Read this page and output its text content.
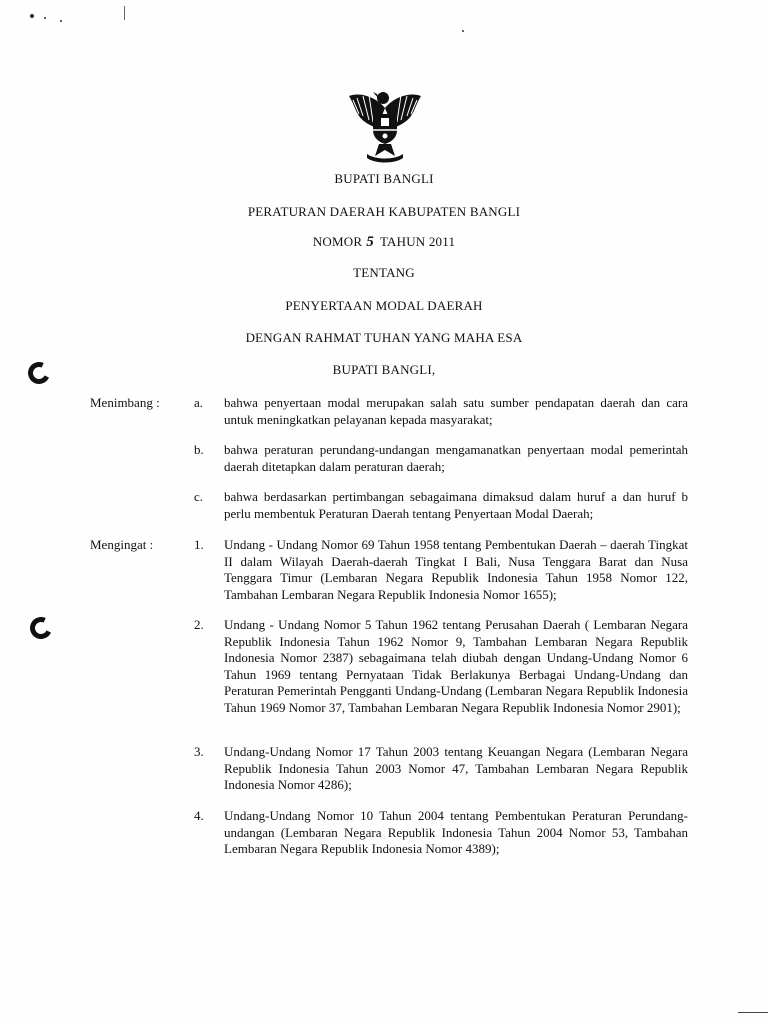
BUPATI BANGLI
PERATURAN DAERAH KABUPATEN BANGLI
NOMOR 5 TAHUN 2011
TENTANG
PENYERTAAN MODAL DAERAH
DENGAN RAHMAT TUHAN YANG MAHA ESA
BUPATI BANGLI,
Menimbang :	a.	bahwa penyertaan modal merupakan salah satu sumber pendapatan daerah dan cara untuk meningkatkan pelayanan kepada masyarakat;
b.	bahwa peraturan perundang-undangan mengamanatkan penyertaan modal pemerintah daerah ditetapkan dalam peraturan daerah;
c.	bahwa berdasarkan pertimbangan sebagaimana dimaksud dalam huruf a dan huruf b perlu membentuk Peraturan Daerah tentang Penyertaan Modal Daerah;
Mengingat :	1.	Undang - Undang Nomor 69 Tahun 1958 tentang Pembentukan Daerah – daerah Tingkat II dalam Wilayah Daerah-daerah Tingkat I Bali, Nusa Tenggara Barat dan Nusa Tenggara Timur (Lembaran Negara Republik Indonesia Tahun 1958 Nomor 122, Tambahan Lembaran Negara Republik Indonesia Nomor 1655);
2.	Undang - Undang Nomor 5 Tahun 1962 tentang Perusahan Daerah ( Lembaran Negara Republik Indonesia Tahun 1962 Nomor 9, Tambahan Lembaran Negara Republik Indonesia Nomor 2387) sebagaimana telah diubah dengan Undang-Undang Nomor 6 Tahun 1969 tentang Pernyataan Tidak Berlakunya Berbagai Undang-Undang dan Peraturan Pemerintah Pengganti Undang-Undang (Lembaran Negara Republik Indonesia Tahun 1969 Nomor 37, Tambahan Lembaran Negara Republik Indonesia Nomor 2901);
3.	Undang-Undang Nomor 17 Tahun 2003 tentang Keuangan Negara (Lembaran Negara Republik Indonesia Tahun 2003 Nomor 47, Tambahan Lembaran Negara Republik Indonesia Nomor 4286);
4.	Undang-Undang Nomor 10 Tahun 2004 tentang Pembentukan Peraturan Perundang-undangan (Lembaran Negara Republik Indonesia Tahun 2004 Nomor 53, Tambahan Lembaran Negara Republik Indonesia Nomor 4389);
